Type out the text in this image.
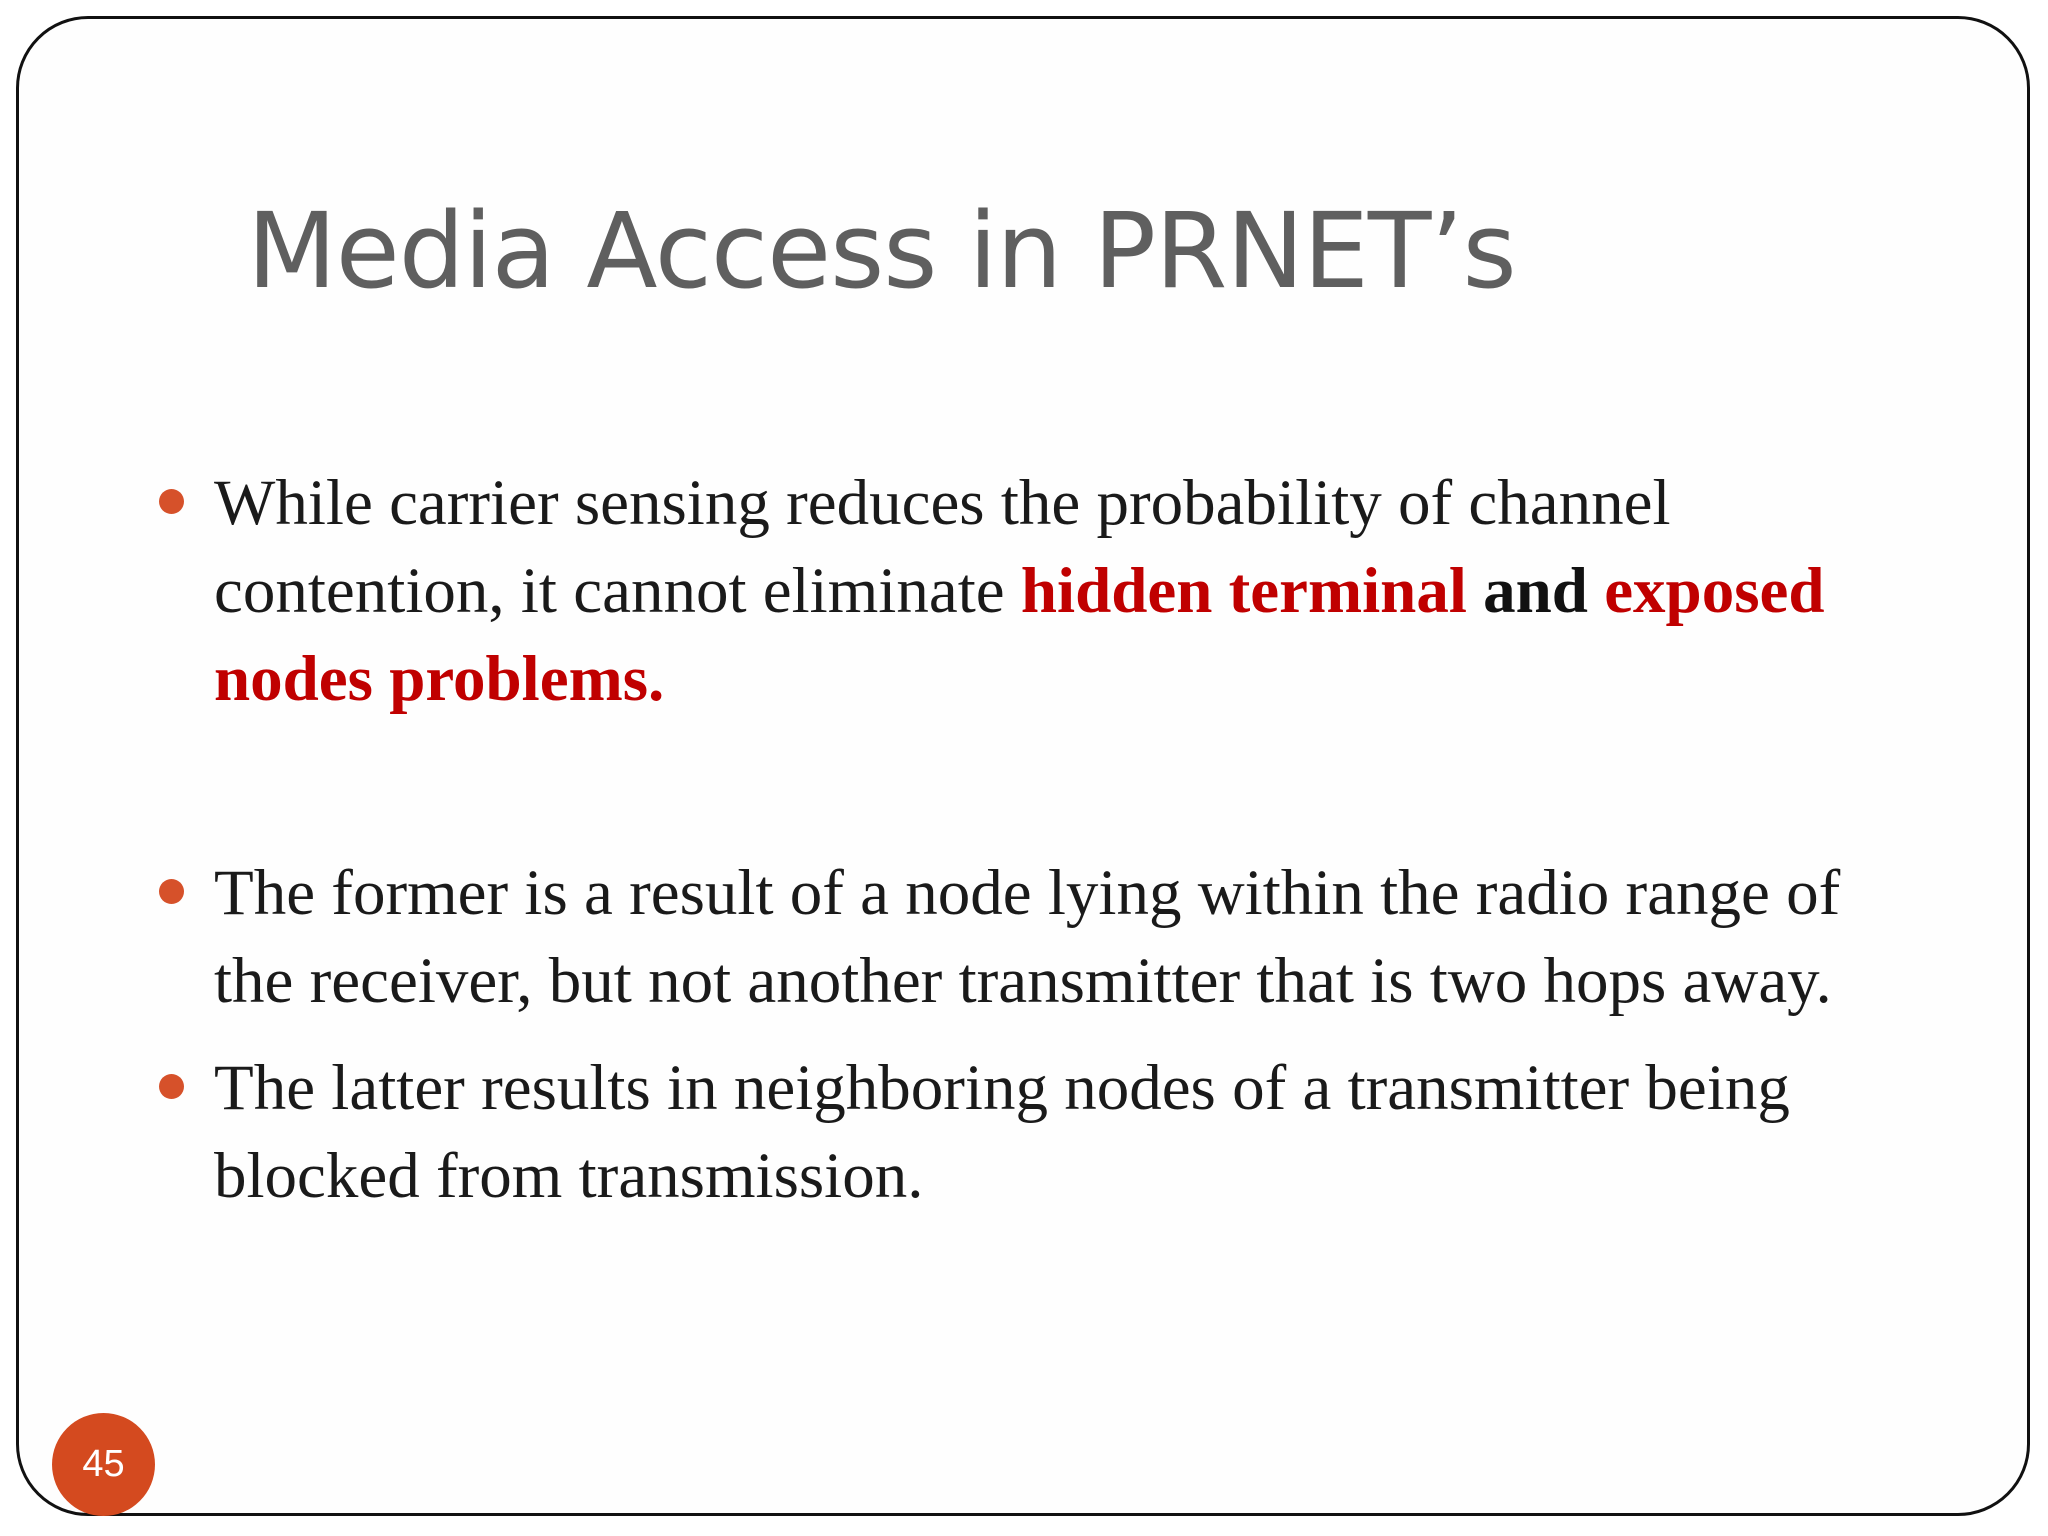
Media Access in PRNET’s
While carrier sensing reduces the probability of channel contention, it cannot eliminate hidden terminal and exposed nodes problems.
The former is a result of a node lying within the radio range of the receiver, but not another transmitter that is two hops away.
The latter results in neighboring nodes of a transmitter being blocked from transmission.
45
